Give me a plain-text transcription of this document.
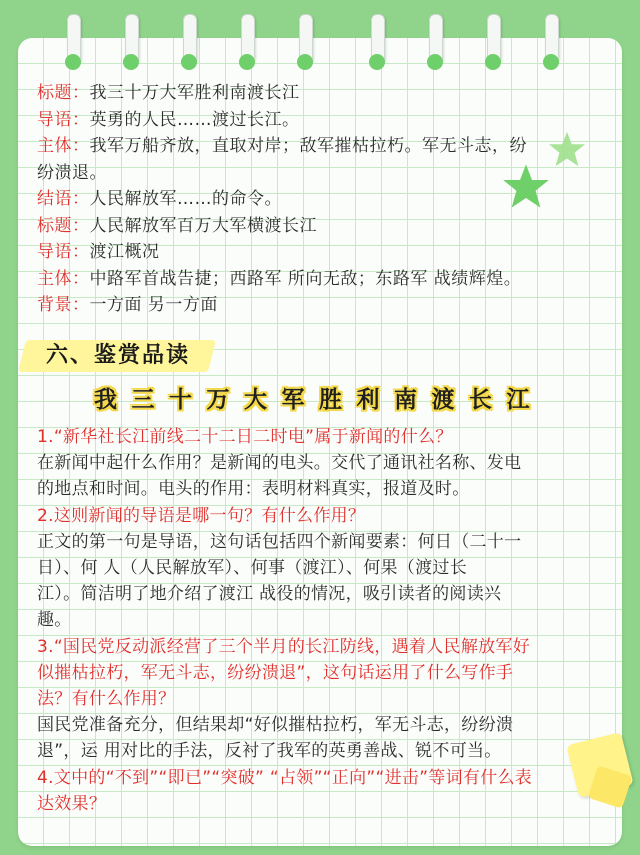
标题：我三十万大军胜利南渡长江
导语：英勇的人民……渡过长江。
主体：我军万船齐放，直取对岸；敌军摧枯拉朽。军无斗志，纷
纷溃退。
结语：人民解放军……的命令。
标题：人民解放军百万大军横渡长江
导语：渡江概况
主体：中路军首战告捷；西路军 所向无敌；东路军 战绩辉煌。
背景：一方面 另一方面
六、鉴赏品读
我三十万大军胜利南渡长江
1.“新华社长江前线二十二日二时电”属于新闻的什么？
在新闻中起什么作用？是新闻的电头。交代了通讯社名称、发电
的地点和时间。电头的作用：表明材料真实，报道及时。
2.这则新闻的导语是哪一句？有什么作用？
正文的第一句是导语，这句话包括四个新闻要素：何日（二十一
日）、何 人（人民解放军）、何事（渡江）、何果（渡过长
江）。简洁明了地介绍了渡江 战役的情况，吸引读者的阅读兴
趣。
3.“国民党反动派经营了三个半月的长江防线，遇着人民解放军好
似摧枯拉朽，军无斗志，纷纷溃退”，这句话运用了什么写作手
法？有什么作用？
国民党准备充分，但结果却“好似摧枯拉朽，军无斗志，纷纷溃
退”，运 用对比的手法，反衬了我军的英勇善战、锐不可当。
4.文中的“不到”“即已”“突破” “占领”“正向”“进击”等词有什么表
达效果？
